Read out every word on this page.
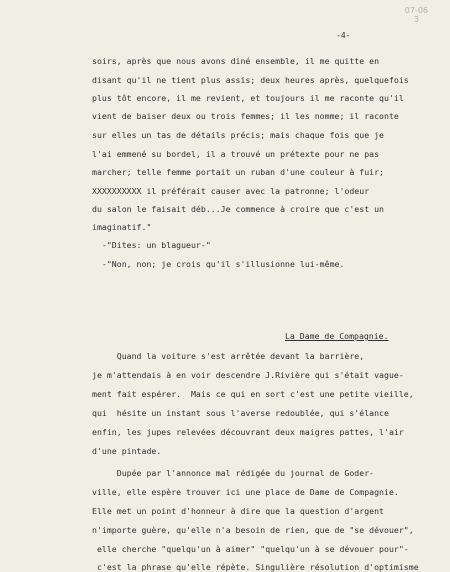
07-06
3
-4-
soirs, après que nous avons diné ensemble, il me quitte en
disant qu'il ne tient plus assis; deux heures après, quelquefois
plus tôt encore, il me revient, et toujours il me raconte qu'il
vient de baiser deux ou trois femmes; il les nomme; il raconte
sur elles un tas de détails précis; mais chaque fois que je
l'ai emmené su bordel, il a trouvé un prétexte pour ne pas
marcher; telle femme portait un ruban d'une couleur à fuir;
XXXXXXXXXX il préférait causer avec la patronne; l'odeur
du salon le faisait déb...Je commence à croire que c'est un
imaginatif."
-"Dites: un blagueur-"
-"Non, non; je crois qu'il s'illusionne lui-même.
La Dame de Compagnie.
Quand la voiture s'est arrêtée devant la barrière,
je m'attendais à en voir descendre J.Rivière qui s'était vague-
ment fait espérer.  Mais ce qui en sort c'est une petite vieille,
qui  hésite un instant sous l'averse redoublée, qui s'élance
enfin, les jupes relevées découvrant deux maigres pattes, l'air
d'une pintade.
Dupée par l'annonce mal rédigée du journal de Goder-
ville, elle espère trouver ici une place de Dame de Compagnie.
Elle met un point d'honneur à dire que la question d'argent
n'importe guère, qu'elle n'a besoin de rien, que de "se dévouer",
elle cherche "quelqu'un à aimer" "quelqu'un à se dévouer pour"-
c'est la phrase qu'elle répète. Singulière résolution d'optimisme
